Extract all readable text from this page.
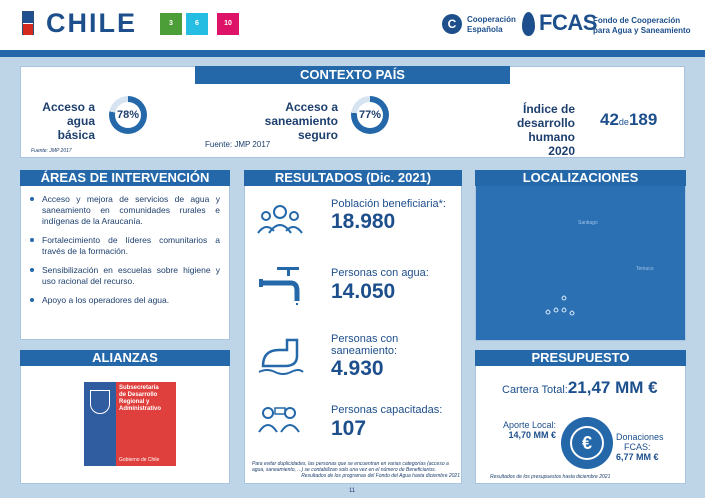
CHILE	3	6	10	C	Cooperación
Española	FCAS
Fondo de Cooperación
para Agua y Saneamiento
CONTEXTO PAÍS
Acceso a
agua
básica
78%
Fuente: JMP 2017
Acceso a
saneamiento
seguro
77%
Fuente: JMP 2017
Índice de
desarrollo
humano 2020
42de189
ÁREAS DE INTERVENCIÓN
Acceso y mejora de servicios de agua y saneamiento en comunidades rurales e indígenas de la Araucanía.
Fortalecimiento de líderes comunitarios a través de la formación.
Sensibilización en escuelas sobre higiene y uso racional del recurso.
Apoyo a los operadores del agua.
RESULTADOS (Dic. 2021)
Población beneficiaria*:
18.980
Personas con agua:
14.050
Personas con
saneamiento:
4.930
Personas capacitadas:
107
Para evitar duplicidades, las personas que se encuentran en varias categorías (acceso a
agua, saneamiento, ...) se contabilizan solo una vez en el número de Beneficiarios.
Resultados de los programas del Fondo del Agua hasta diciembre 2021
LOCALIZACIONES
Santiago
Temuco
ALIANZAS
Subsecretaría
de Desarrollo
Regional y
Administrativo
Gobierno de Chile
PRESUPUESTO
Cartera Total:21,47 MM €
Aporte Local:
14,70 MM €	€	Donaciones
FCAS:
6,77 MM €
Resultados de los presupuestos hasta diciembre 2021
11
